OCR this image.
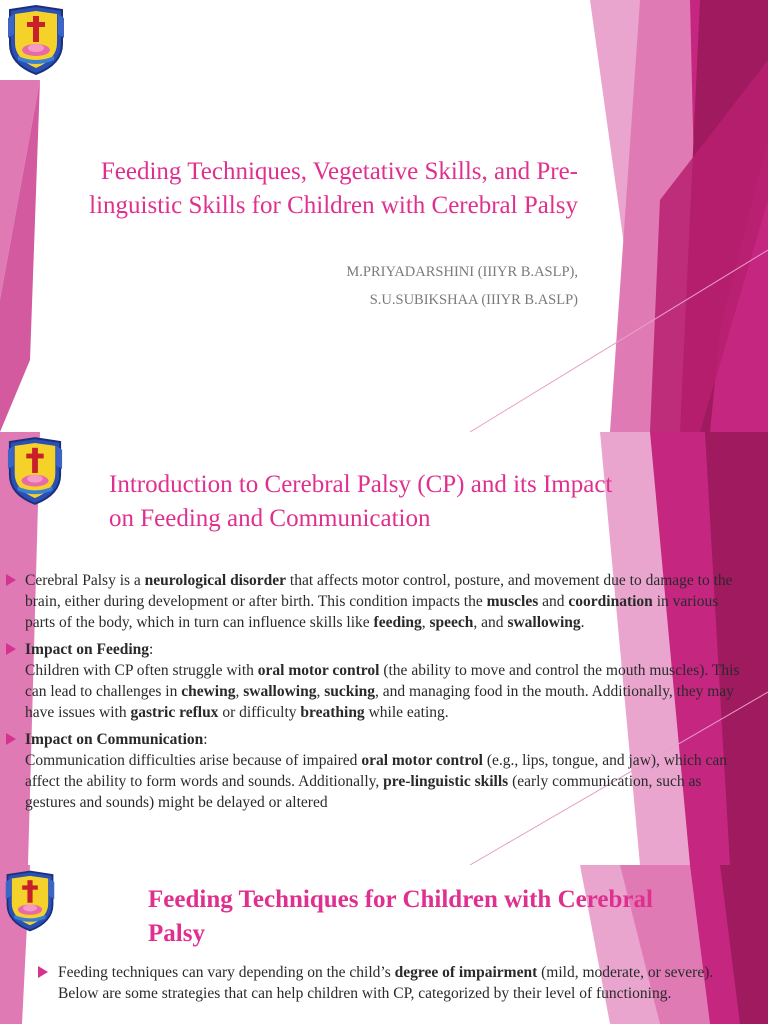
Feeding Techniques, Vegetative Skills, and Pre-linguistic Skills for Children with Cerebral Palsy
M.PRIYADARSHINI (IIIYR B.ASLP),
S.U.SUBIKSHAA (IIIYR B.ASLP)
Introduction to Cerebral Palsy (CP) and its Impact on Feeding and Communication
Cerebral Palsy is a neurological disorder that affects motor control, posture, and movement due to damage to the brain, either during development or after birth. This condition impacts the muscles and coordination in various parts of the body, which in turn can influence skills like feeding, speech, and swallowing.
Impact on Feeding:
Children with CP often struggle with oral motor control (the ability to move and control the mouth muscles). This can lead to challenges in chewing, swallowing, sucking, and managing food in the mouth. Additionally, they may have issues with gastric reflux or difficulty breathing while eating.
Impact on Communication:
Communication difficulties arise because of impaired oral motor control (e.g., lips, tongue, and jaw), which can affect the ability to form words and sounds. Additionally, pre-linguistic skills (early communication, such as gestures and sounds) might be delayed or altered
Feeding Techniques for Children with Cerebral Palsy
Feeding techniques can vary depending on the child’s degree of impairment (mild, moderate, or severe). Below are some strategies that can help children with CP, categorized by their level of functioning.
